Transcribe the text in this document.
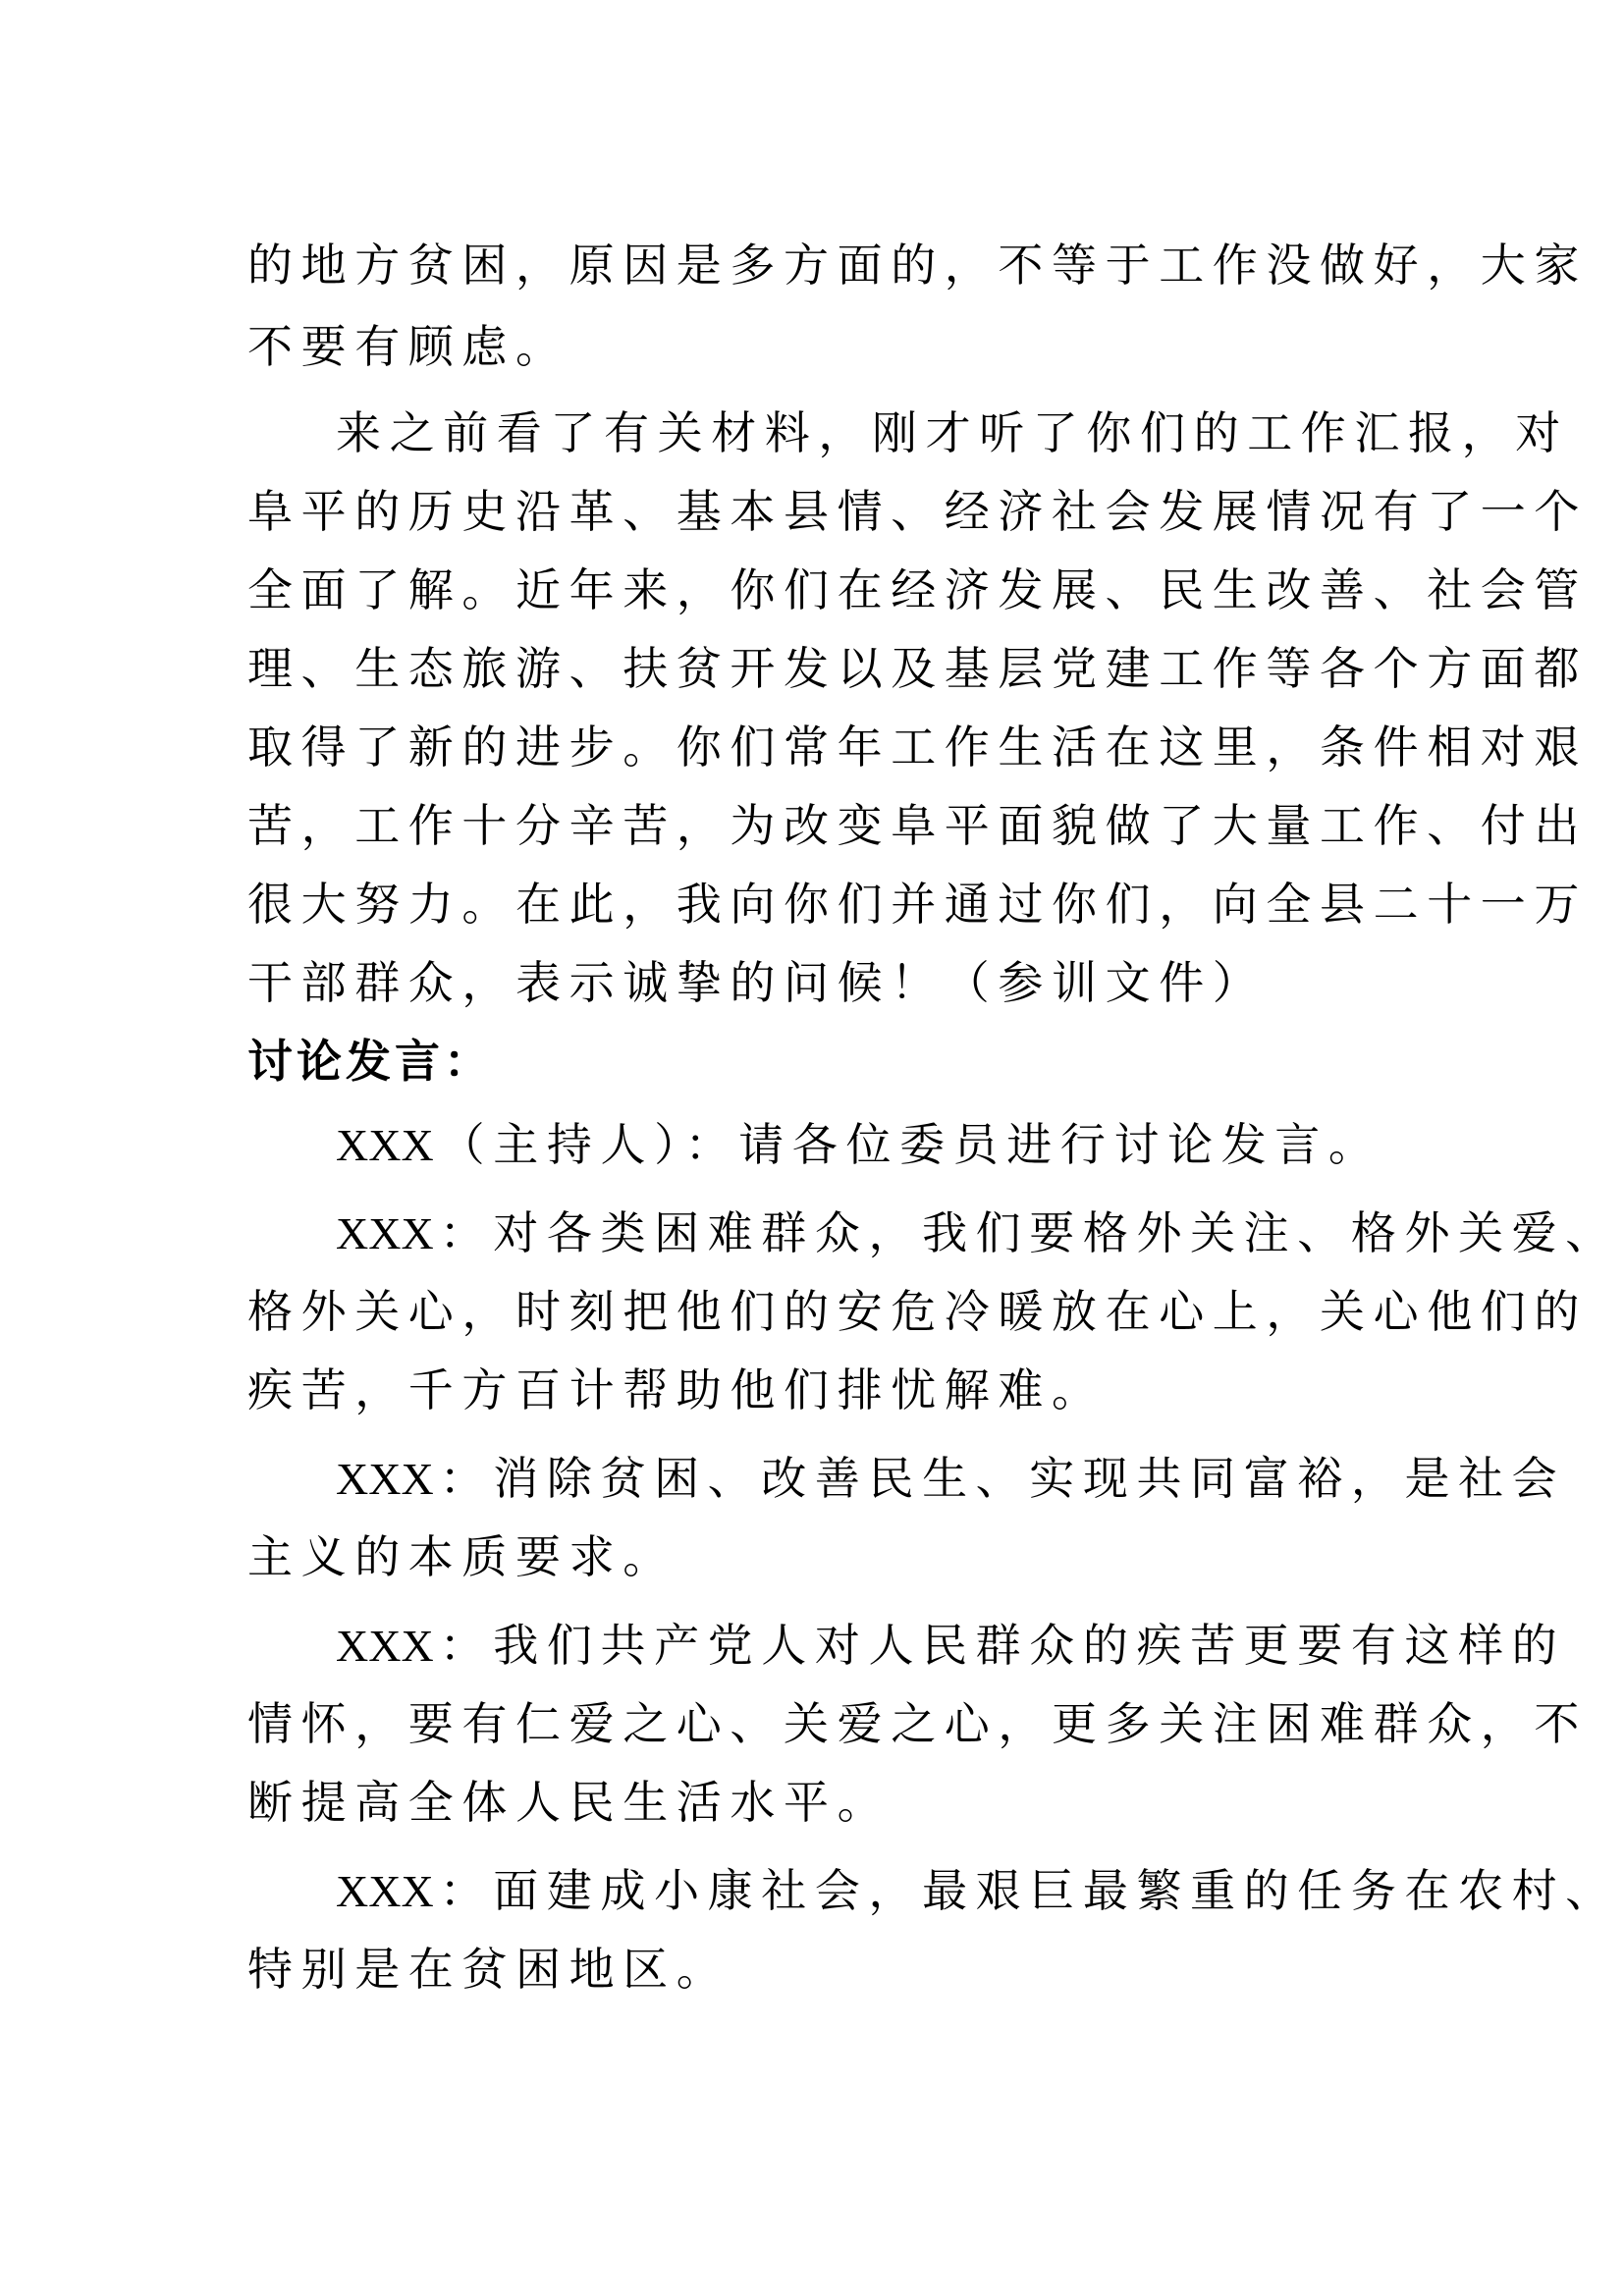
的地方贫困，原因是多方面的，不等于工作没做好，大家
不要有顾虑。
来之前看了有关材料，刚才听了你们的工作汇报，对
阜平的历史沿革、基本县情、经济社会发展情况有了一个
全面了解。近年来，你们在经济发展、民生改善、社会管
理、生态旅游、扶贫开发以及基层党建工作等各个方面都
取得了新的进步。你们常年工作生活在这里，条件相对艰
苦，工作十分辛苦，为改变阜平面貌做了大量工作、付出
很大努力。在此，我向你们并通过你们，向全县二十一万
干部群众，表示诚挚的问候！（参训文件）
讨论发言：
XXX （主持人）：请各位委员进行讨论发言。
XXX ：对各类困难群众，我们要格外关注、格外关爱、
格外关心，时刻把他们的安危冷暖放在心上，关心他们的
疾苦，千方百计帮助他们排忧解难。
XXX ：消除贫困、改善民生、实现共同富裕，是社会
主义的本质要求。
XXX ：我们共产党人对人民群众的疾苦更要有这样的
情怀，要有仁爱之心、关爱之心，更多关注困难群众，不
断提高全体人民生活水平。
XXX ：面建成小康社会，最艰巨最繁重的任务在农村、
特别是在贫困地区。
